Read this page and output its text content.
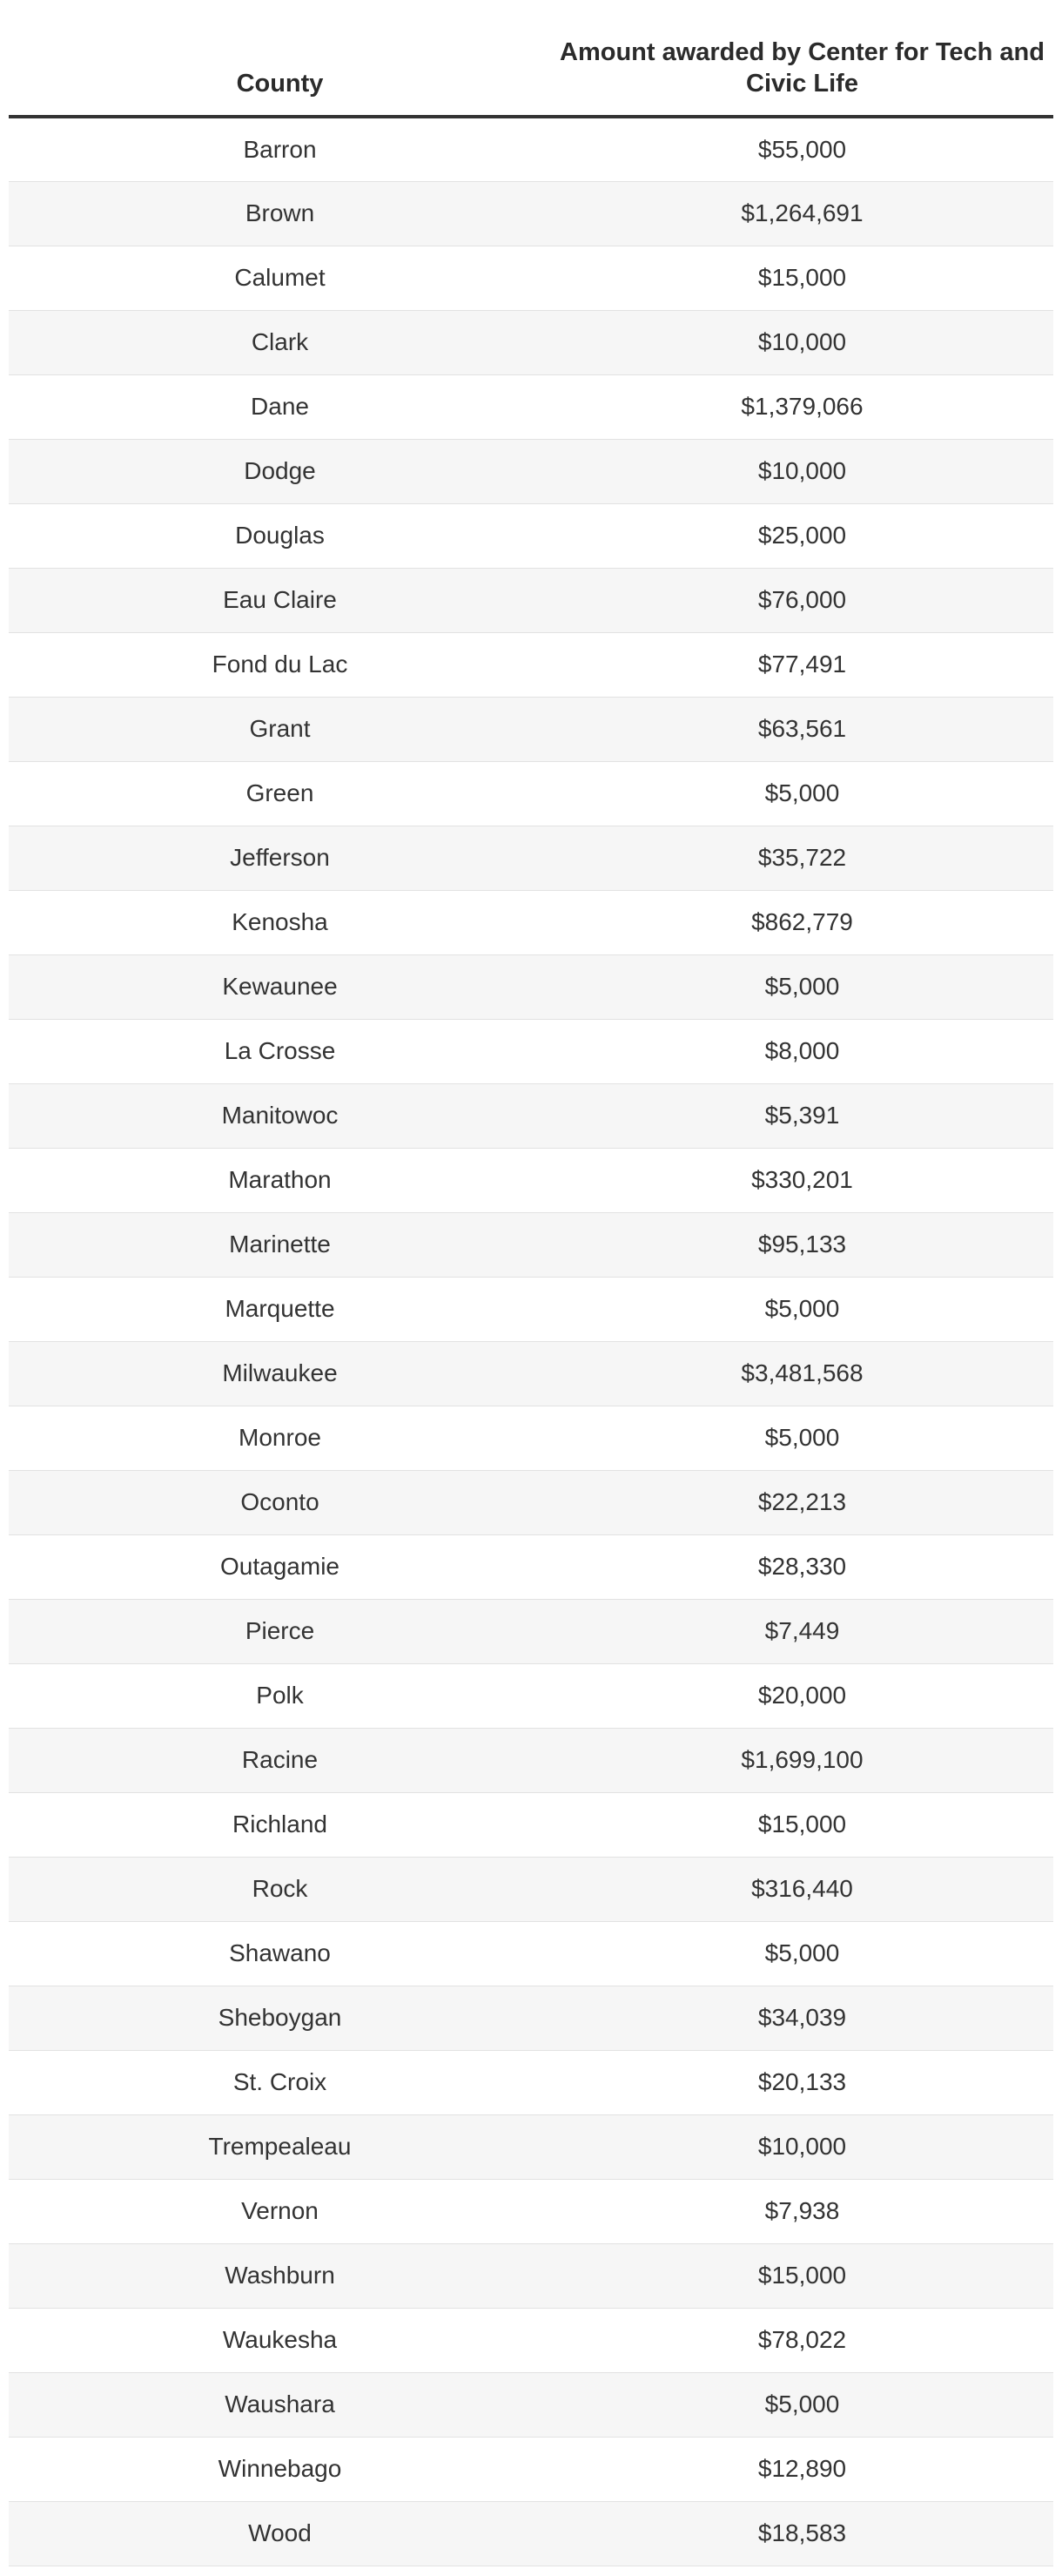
County	Amount awarded by Center for Tech and Civic Life
Barron	$55,000
Brown	$1,264,691
Calumet	$15,000
Clark	$10,000
Dane	$1,379,066
Dodge	$10,000
Douglas	$25,000
Eau Claire	$76,000
Fond du Lac	$77,491
Grant	$63,561
Green	$5,000
Jefferson	$35,722
Kenosha	$862,779
Kewaunee	$5,000
La Crosse	$8,000
Manitowoc	$5,391
Marathon	$330,201
Marinette	$95,133
Marquette	$5,000
Milwaukee	$3,481,568
Monroe	$5,000
Oconto	$22,213
Outagamie	$28,330
Pierce	$7,449
Polk	$20,000
Racine	$1,699,100
Richland	$15,000
Rock	$316,440
Shawano	$5,000
Sheboygan	$34,039
St. Croix	$20,133
Trempealeau	$10,000
Vernon	$7,938
Washburn	$15,000
Waukesha	$78,022
Waushara	$5,000
Winnebago	$12,890
Wood	$18,583
